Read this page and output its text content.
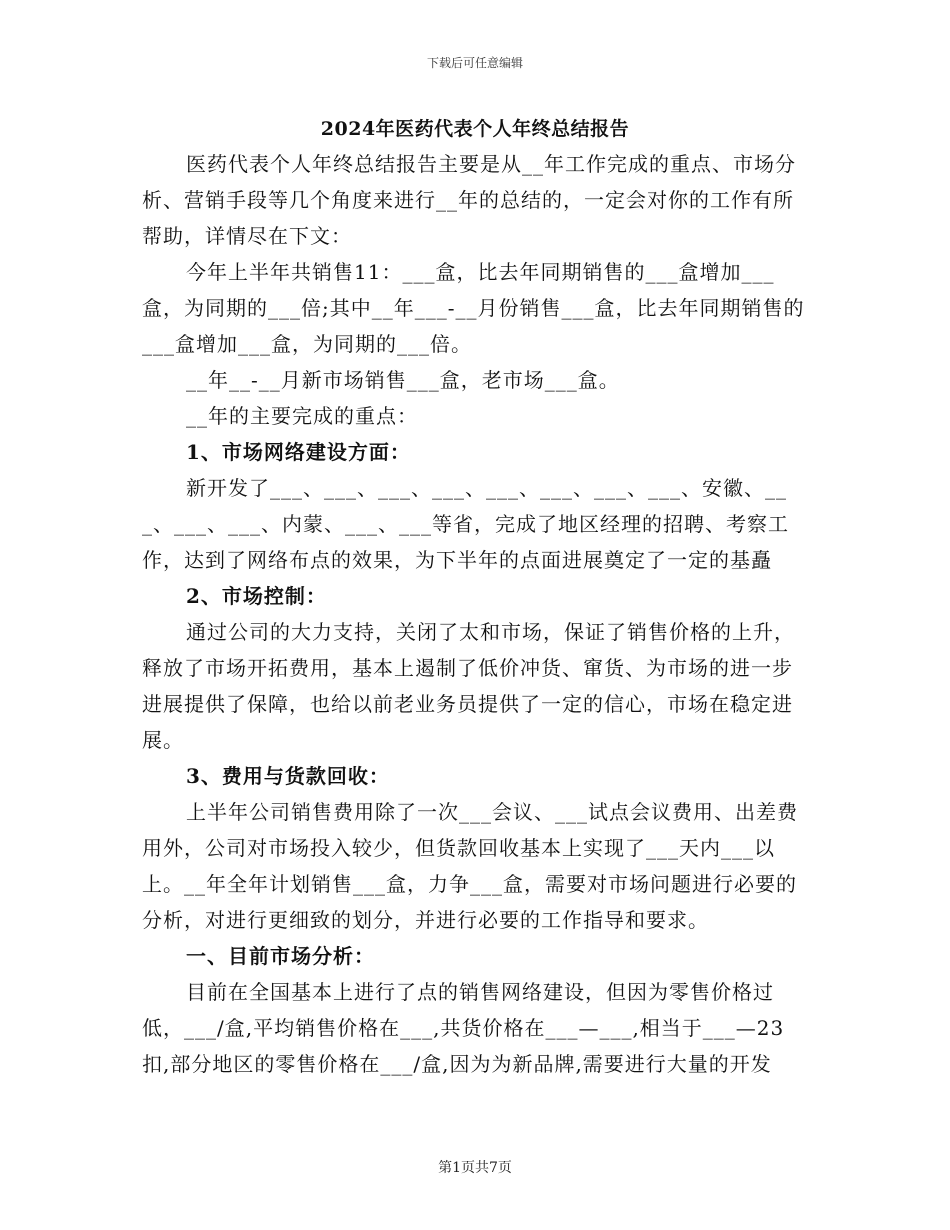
下载后可任意编辑
2024年医药代表个人年终总结报告

医药代表个人年终总结报告主要是从__年工作完成的重点、市场分析、营销手段等几个角度来进行__年的总结的，一定会对你的工作有所帮助，详情尽在下文：

今年上半年共销售11：___盒，比去年同期销售的___盒增加___盒，为同期的___倍;其中__年___-__月份销售___盒，比去年同期销售的___盒增加___盒，为同期的___倍。

__年__-__月新市场销售___盒，老市场___盒。

__年的主要完成的重点：

1、市场网络建设方面：

新开发了___、___、___、___、___、___、___、___、安徽、___、___、___、内蒙、___、___等省，完成了地区经理的招聘、考察工作，达到了网络布点的效果，为下半年的点面进展奠定了一定的基矗

2、市场控制：

通过公司的大力支持，关闭了太和市场，保证了销售价格的上升，释放了市场开拓费用，基本上遏制了低价冲货、窜货、为市场的进一步进展提供了保障，也给以前老业务员提供了一定的信心，市场在稳定进展。

3、费用与货款回收：

上半年公司销售费用除了一次___会议、___试点会议费用、出差费用外，公司对市场投入较少，但货款回收基本上实现了___天内___以上。__年全年计划销售___盒，力争___盒，需要对市场问题进行必要的分析，对进行更细致的划分，并进行必要的工作指导和要求。

一、目前市场分析：

目前在全国基本上进行了点的销售网络建设，但因为零售价格过低，___/盒,平均销售价格在___,共货价格在___—___,相当于___—23扣,部分地区的零售价格在___/盒,因为为新品牌,需要进行大量的开发

第1页共7页
